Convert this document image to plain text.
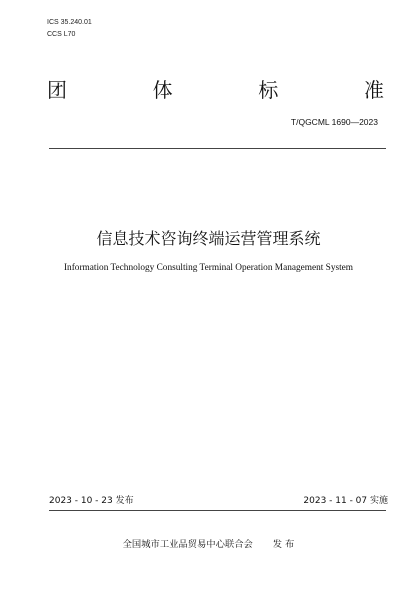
ICS 35.240.01
CCS L70
团	体	标	准
T/QGCML 1690—2023
信息技术咨询终端运营管理系统
Information Technology Consulting Terminal Operation Management System
2023 - 10 - 23 发布	2023 - 11 - 07 实施
全国城市工业品贸易中心联合会 发 布
